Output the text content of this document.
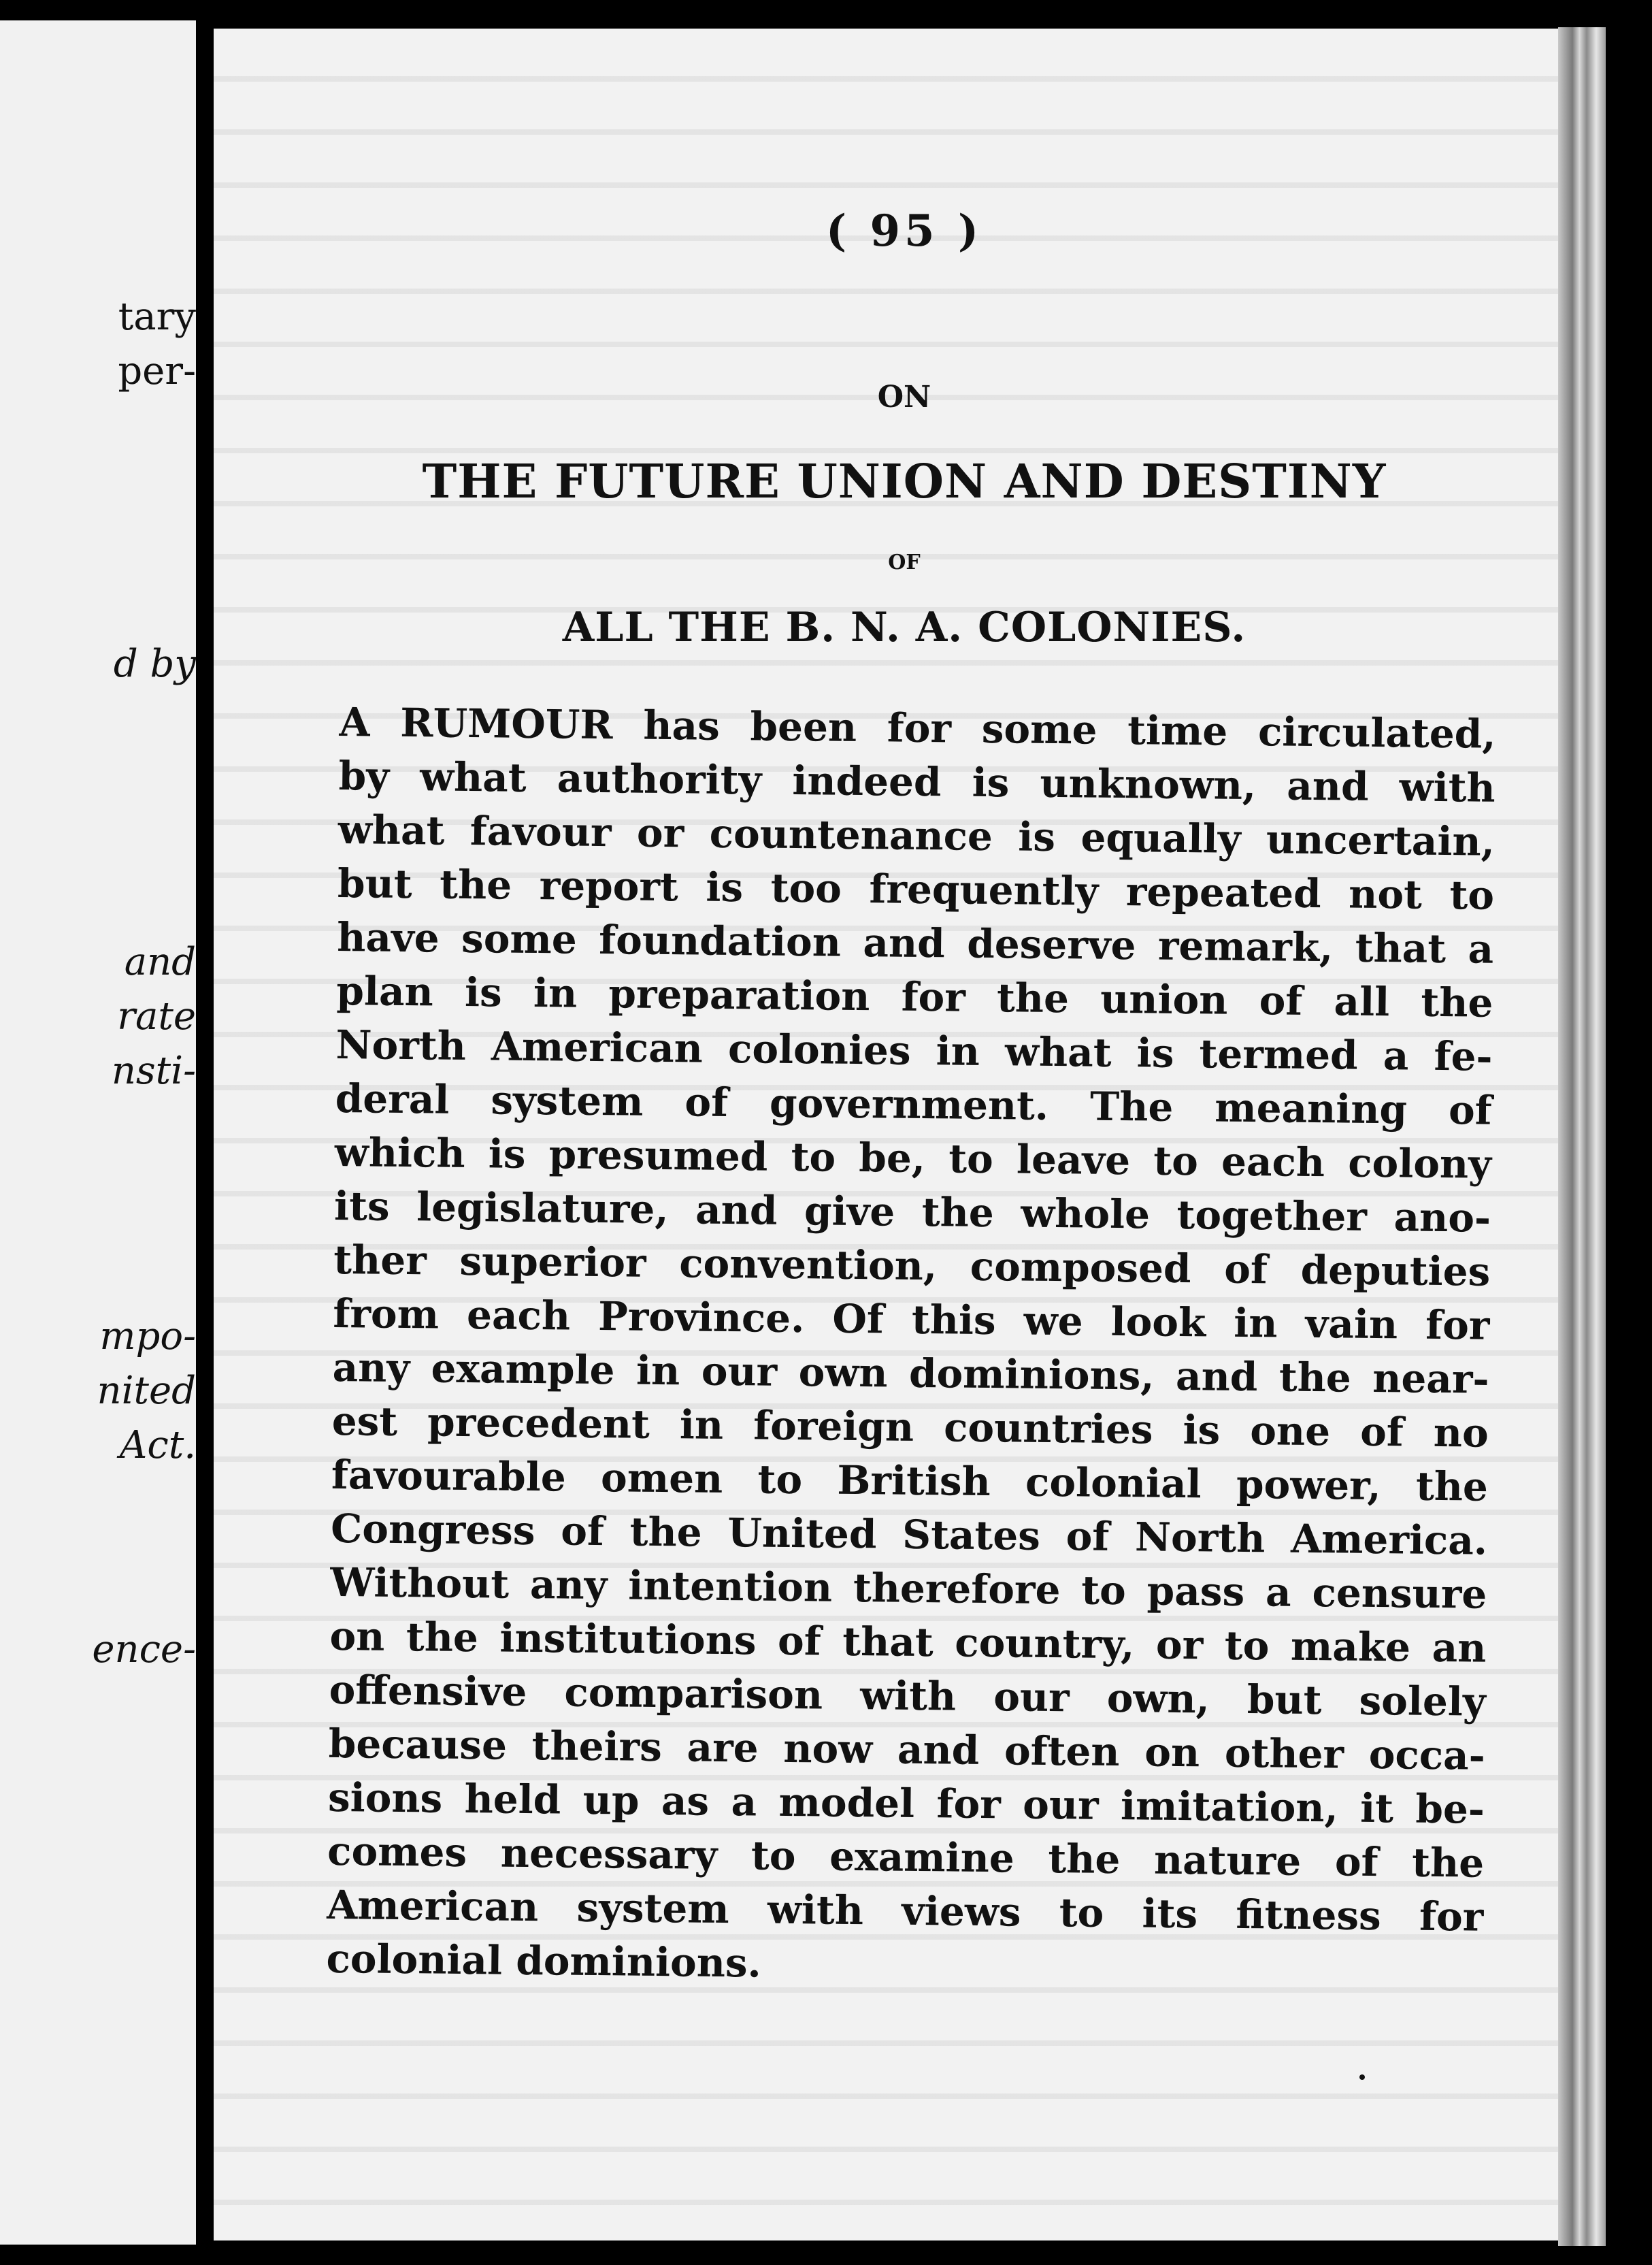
tary
per-
d by
and
rate
nsti-
mpo-
nited
Act.
ence-
( 95 )
ON
THE FUTURE UNION AND DESTINY
OF
ALL THE B. N. A. COLONIES.
A RUMOUR has been for some time circulated,
by what authority indeed is unknown, and with
what favour or countenance is equally uncertain,
but the report is too frequently repeated not to
have some foundation and deserve remark, that a
plan is in preparation for the union of all the
North American colonies in what is termed a fe-
deral system of government. The meaning of
which is presumed to be, to leave to each colony
its legislature, and give the whole together ano-
ther superior convention, composed of deputies
from each Province. Of this we look in vain for
any example in our own dominions, and the near-
est precedent in foreign countries is one of no
favourable omen to British colonial power, the
Congress of the United States of North America.
Without any intention therefore to pass a censure
on the institutions of that country, or to make an
offensive comparison with our own, but solely
because theirs are now and often on other occa-
sions held up as a model for our imitation, it be-
comes necessary to examine the nature of the
American system with views to its fitness for
colonial dominions.
